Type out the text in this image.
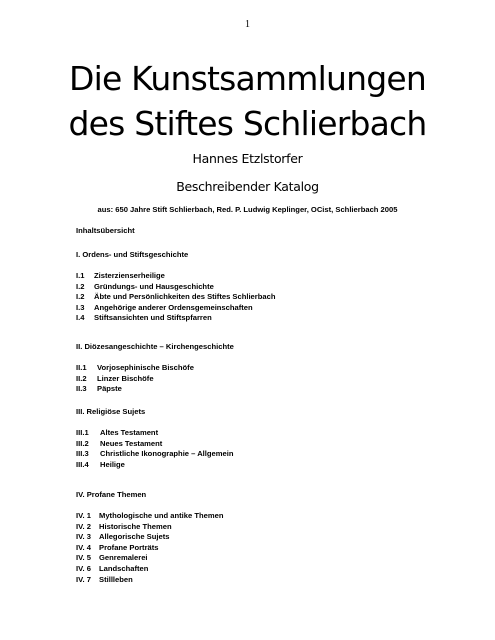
1
Die Kunstsammlungen
des Stiftes Schlierbach
Hannes Etzlstorfer
Beschreibender Katalog
aus: 650 Jahre Stift Schlierbach, Red. P. Ludwig Keplinger, OCist, Schlierbach 2005
Inhaltsübersicht
I. Ordens- und Stiftsgeschichte
I.1 Zisterzienserheilige
I.2 Gründungs- und Hausgeschichte
I.2 Äbte und Persönlichkeiten des Stiftes Schlierbach
I.3 Angehörige anderer Ordensgemeinschaften
I.4 Stiftsansichten und Stiftspfarren
II. Diözesangeschichte – Kirchengeschichte
II.1 Vorjosephinische Bischöfe
II.2 Linzer Bischöfe
II.3 Päpste
III. Religiöse Sujets
III.1 Altes Testament
III.2 Neues Testament
III.3 Christliche Ikonographie – Allgemein
III.4 Heilige
IV. Profane Themen
IV. 1 Mythologische und antike Themen
IV. 2 Historische Themen
IV. 3 Allegorische Sujets
IV. 4 Profane Porträts
IV. 5 Genremalerei
IV. 6 Landschaften
IV. 7 Stillleben
